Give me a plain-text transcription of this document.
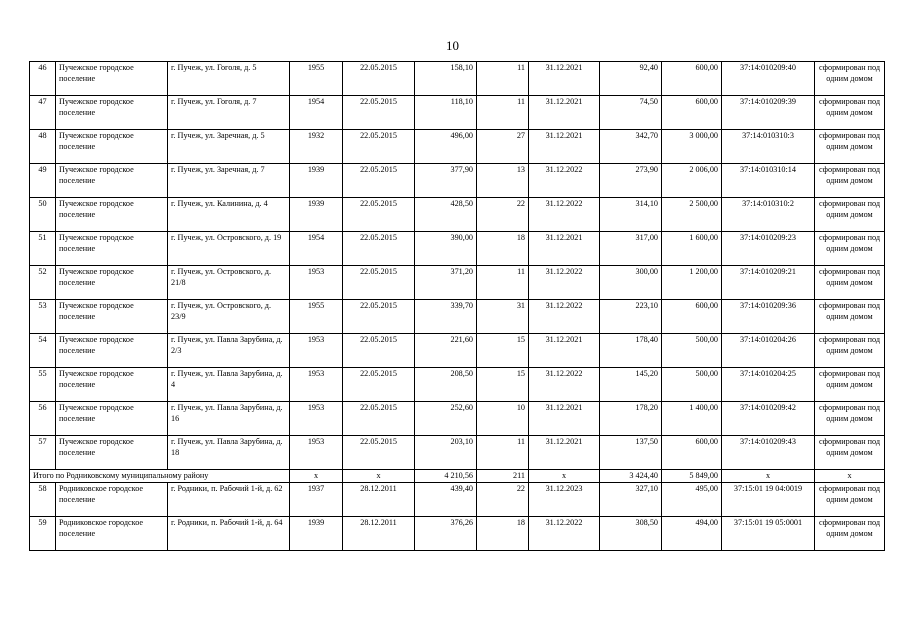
10
46	Пучежское городское поселение	г. Пучеж, ул. Гоголя, д. 5	1955	22.05.2015	158,10	11	31.12.2021	92,40	600,00	37:14:010209:40	сформирован под одним домом
47	Пучежское городское поселение	г. Пучеж, ул. Гоголя, д. 7	1954	22.05.2015	118,10	11	31.12.2021	74,50	600,00	37:14:010209:39	сформирован под одним домом
48	Пучежское городское поселение	г. Пучеж, ул. Заречная, д. 5	1932	22.05.2015	496,00	27	31.12.2021	342,70	3 000,00	37:14:010310:3	сформирован под одним домом
49	Пучежское городское поселение	г. Пучеж, ул. Заречная, д. 7	1939	22.05.2015	377,90	13	31.12.2022	273,90	2 006,00	37:14:010310:14	сформирован под одним домом
50	Пучежское городское поселение	г. Пучеж, ул. Калинина, д. 4	1939	22.05.2015	428,50	22	31.12.2022	314,10	2 500,00	37:14:010310:2	сформирован под одним домом
51	Пучежское городское поселение	г. Пучеж, ул. Островского, д. 19	1954	22.05.2015	390,00	18	31.12.2021	317,00	1 600,00	37:14:010209:23	сформирован под одним домом
52	Пучежское городское поселение	г. Пучеж, ул. Островского, д. 21/8	1953	22.05.2015	371,20	11	31.12.2022	300,00	1 200,00	37:14:010209:21	сформирован под одним домом
53	Пучежское городское поселение	г. Пучеж, ул. Островского, д. 23/9	1955	22.05.2015	339,70	31	31.12.2022	223,10	600,00	37:14:010209:36	сформирован под одним домом
54	Пучежское городское поселение	г. Пучеж, ул. Павла Зарубина, д. 2/3	1953	22.05.2015	221,60	15	31.12.2021	178,40	500,00	37:14:010204:26	сформирован под одним домом
55	Пучежское городское поселение	г. Пучеж, ул. Павла Зарубина, д. 4	1953	22.05.2015	208,50	15	31.12.2022	145,20	500,00	37:14:010204:25	сформирован под одним домом
56	Пучежское городское поселение	г. Пучеж, ул. Павла Зарубина, д. 16	1953	22.05.2015	252,60	10	31.12.2021	178,20	1 400,00	37:14:010209:42	сформирован под одним домом
57	Пучежское городское поселение	г. Пучеж, ул. Павла Зарубина, д. 18	1953	22.05.2015	203,10	11	31.12.2021	137,50	600,00	37:14:010209:43	сформирован под одним домом
Итого по Родниковскому муниципальному району			х	х	4 210,56	211	х	3 424,40	5 849,00	х	х
58	Родниковское городское поселение	г. Родники, п. Рабочий 1-й, д. 62	1937	28.12.2011	439,40	22	31.12.2023	327,10	495,00	37:15:01 19 04:0019	сформирован под одним домом
59	Родниковское городское поселение	г. Родники, п. Рабочий 1-й, д. 64	1939	28.12.2011	376,26	18	31.12.2022	308,50	494,00	37:15:01 19 05:0001	сформирован под одним домом
